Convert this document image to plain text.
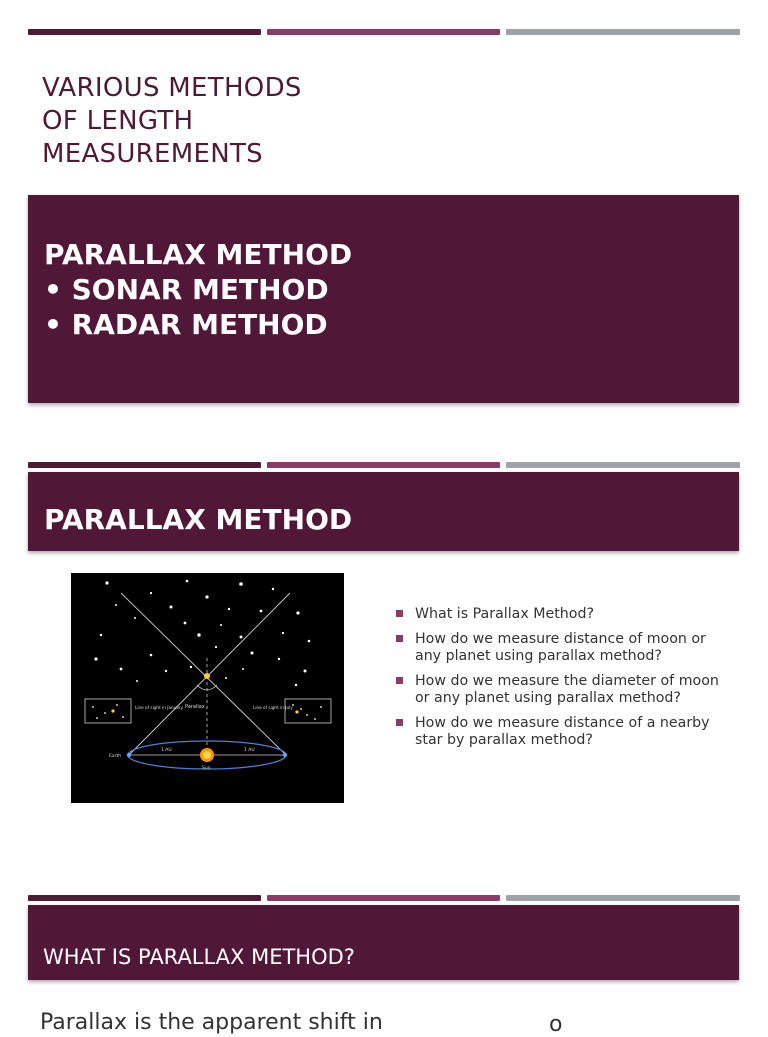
VARIOUS METHODS
OF LENGTH
MEASUREMENTS
PARALLAX METHOD
• SONAR METHOD
• RADAR METHOD
PARALLAX METHOD
Parallax
Line of sight in January	Line of sight in July
Earth
Sun
1 AU	1 AU
What is Parallax Method?
How do we measure distance of moon or any planet using parallax method?
How do we measure the diameter of moon or any planet using parallax method?
How do we measure distance of a nearby star by parallax method?
WHAT IS PARALLAX METHOD?
Parallax is the apparent shift in	o
